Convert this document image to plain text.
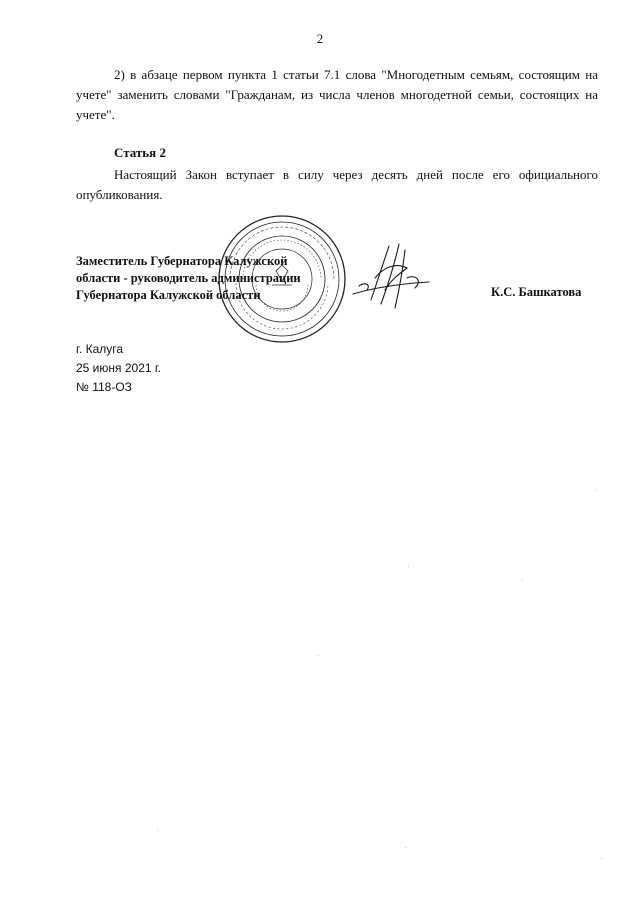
2

2) в абзаце первом пункта 1 статьи 7.1 слова "Многодетным семьям, состоящим на учете" заменить словами "Гражданам, из числа членов многодетной семьи, состоящих на учете".

Статья 2

Настоящий Закон вступает в силу через десять дней после его официального опубликования.

Заместитель Губернатора Калужской
области - руководитель администрации
Губернатора Калужской области	К.С. Башкатова
г. Калуга
25 июня 2021 г.
№ 118-ОЗ
